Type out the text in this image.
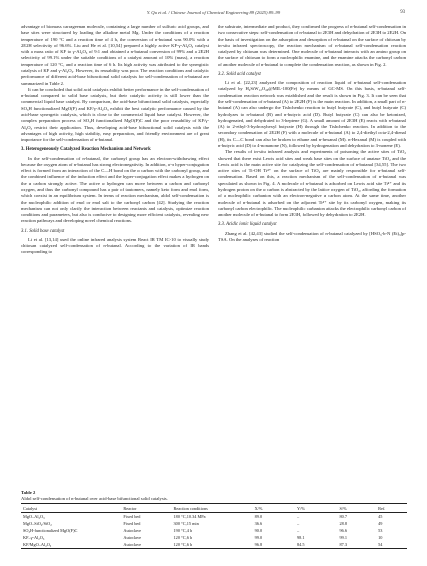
Y. Qu et al. / Chinese Journal of Chemical Engineering 89 (2025) 89–99	93

advantage of biomass carrageenan molecule, containing a large number of sulfuric acid groups, and base sites were structured by loading the alkaline metal Mg. Under the conditions of a reaction temperature of 190 °C and a reaction time of 4 h, the conversion of n-butanal was 90.0% with a 2E2H selectivity of 96.6%. Liu and He et al. [10,54] prepared a highly active KF-γ-Al₂O₃ catalyst with a mass ratio of KF to γ-Al₂O₃ of 9:1 and obtained a n-butanal conversion of 99% and a 2E2H selectivity of 99.1% under the suitable conditions of a catalyst amount of 10% (mass), a reaction temperature of 120 °C, and a reaction time of 6 h. Its high activity was attributed to the synergistic catalysis of KF and γ-Al₂O₃. However, its reusability was poor. The reaction conditions and catalytic performance of different acid-base bifunctional solid catalysts for self-condensation of n-butanal are summarized in Table 2.

It can be concluded that solid acid catalysts exhibit better performance in the self-condensation of n-butanal compared to solid base catalysts, but their catalytic activity is still lower than the commercial liquid base catalyst. By comparison, the acid-base bifunctional solid catalysts, especially SO₃H functionalized MgO(F) and KF/γ-Al₂O₃ exhibit the best catalytic performance caused by the acid-base synergetic catalysis, which is close to the commercial liquid base catalyst. However, the complex preparation process of SO₃H functionalized MgO(F)C and the poor reusability of KF/γ-Al₂O₃ restrict their application. Thus, developing acid-base bifunctional solid catalysts with the advantages of high activity, high stability, easy preparation, and friendly environment are of great importance for the self-condensation of n-butanal.

3. Heterogeneously Catalyzed Reaction Mechanism and Network

In the self-condensation of n-butanal, the carbonyl group has an electron-withdrawing effect because the oxygen atom of n-butanal has strong electronegativity. In addition, σ-π hyper-conjugation effect is formed from an interaction of the C—H bond on the α carbon with the carbonyl group, and the combined influence of the induction effect and the hyper-conjugation effect makes a hydrogen on the α carbon strongly active. The active α hydrogen can move between α carbon and carbonyl oxygen, and thus the carbonyl compound has a pair of tautomers, namely keto form and enol form, which coexist in an equilibrium system. In terms of reaction mechanism, aldol self-condensation is the nucleophilic addition of enol or enol salt to the carbonyl carbon [42]. Studying the reaction mechanism can not only clarify the interaction between reactants and catalysts, optimize reaction conditions and parameters, but also is conducive to designing more efficient catalysts, revealing new reaction pathways and developing novel chemical reactions.

3.1. Solid base catalyst

Li et al. [13,14] used the online infrared analysis system React IR TM IC-10 to visually study chitosan catalyzed self-condensation of n-butanal. According to the variation of IR bands corresponding to

the substrate, intermediate and product, they confirmed the progress of n-butanal self-condensation in two consecutive steps: self-condensation of n-butanal to 2E3H and dehydration of 2E3H to 2E2H. On the basis of investigation on the adsorption and desorption of n-butanal on the surface of chitosan by in-situ infrared spectroscopy, the reaction mechanism of n-butanal self-condensation reaction catalyzed by chitosan was determined. One molecule of n-butanal interacts with an amino group on the surface of chitosan to form a nucleophilic enamine, and the enamine attacks the carbonyl carbon of another molecule of n-butanal to complete the condensation reaction, as shown in Fig. 2.

3.2. Solid acid catalyst

Li et al. [22,23] analyzed the composition of reaction liquid of n-butanal self-condensation catalyzed by H₄SiW₁₂O₄₀@MIL-100(Fe) by means of GC-MS. On this basis, n-butanal self-condensation reaction network was established and the result is shown in Fig. 3. It can be seen that the self-condensation of n-butanal (A) to 2E2H (F) is the main reaction. In addition, a small part of n-butanal (A) can also undergo the Tishchenko reaction to butyl butyrate (C), and butyl butyrate (C) hydrolyzes to n-butanol (B) and n-butyric acid (D). Butyl butyrate (C) can also be ketonized, hydrogenated, and dehydrated to 3-heptene (G). A small amount of 2E3H (E) reacts with n-butanal (A) to 2-ethyl-3-hydroxyhexyl butyrate (H) through the Tishchenko reaction. In addition to the secondary condensation of 2E2H (F) with a molecule of n-butanal (A) to 2,4-diethyl octa-2,4-dienal (H), its C—C bond can also be broken to ethane and n-hexanal (M). n-Hexanal (M) is coupled with n-butyric acid (D) to 4-nonanone (N), followed by hydrogenation and dehydration to 3-nonene (E).

The results of in-situ infrared analysis and experiments of poisoning the active sites of TiO₂ showed that there exist Lewis acid sites and weak base sites on the surface of anatase TiO₂ and the Lewis acid is the main active site for catalyzing the self-condensation of n-butanal [34,55]. The two active sites of Ti-OH Ti⁴⁺ on the surface of TiO₂ are mainly responsible for n-butanal self-condensation. Based on this, a reaction mechanism of the self-condensation of n-butanal was speculated as shown in Fig. 4. A molecule of n-butanal is adsorbed on Lewis acid site Ti⁴⁺ and its hydrogen proton on the α carbon is abstracted by the lattice oxygen of TiO₂, affording the formation of a nucleophilic carbanion with an electron-negative α carbon atom. At the same time, another molecule of n-butanal is adsorbed on the adjacent Ti⁴⁺ site by its carbonyl oxygen, making its carbonyl carbon electrophilic. The nucleophilic carbanion attacks the electrophilic carbonyl carbon of another molecule of n-butanal to form 2E3H, followed by dehydration to 2E2H.

3.3. Acidic ionic liquid catalyst

Zhang et al. [42,43] studied the self-condensation of n-butanal catalyzed by [HSO₃-b-N (Et)₃]p-TSA. On the analyses of reaction

Table 2
Aldol self-condensation of n-butanal over acid-base bifunctional solid catalysts.
Catalyst	Reactor	Reaction conditions	X/%	Y/%	S/%	Ref.
MgO–Al₂O₃	Fixed bed	180 °C,10.34 MPa	89.0	–	80.7	45
MgO–SiO₂/SiO₂	Fixed bed	300 °C,15 min	36.6	–	28.8	49
SO₃H-functionalized MgO(F)C	Autoclave	190 °C,4 h	90.0	–	96.6	53
KF–γ-Al₂O₃	Autoclave	120 °C,6 h	99.0	98.1	99.1	10
KF/MgO–Al₂O₃	Autoclave	120 °C,6 h	96.8	84.5	87.3	54
